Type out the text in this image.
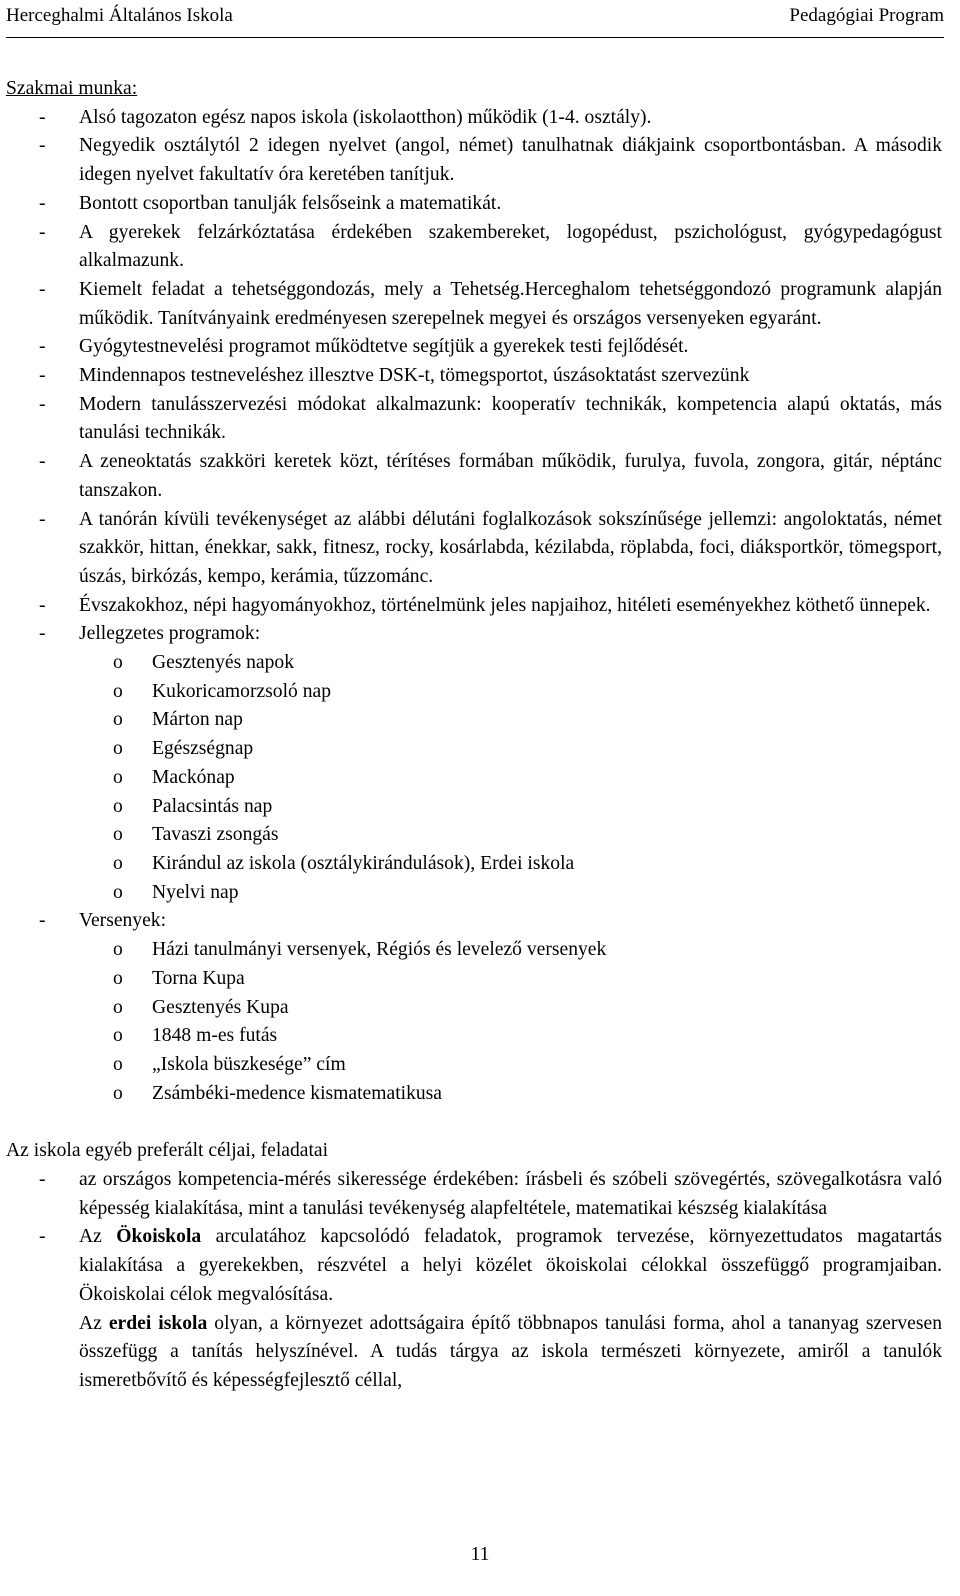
Herceghalmi Általános Iskola	Pedagógiai Program
Szakmai munka:
- Alsó tagozaton egész napos iskola (iskolaotthon) működik (1-4. osztály).
- Negyedik osztálytól 2 idegen nyelvet (angol, német) tanulhatnak diákjaink csoportbontásban. A második idegen nyelvet fakultatív óra keretében tanítjuk.
- Bontott csoportban tanulják felsőseink a matematikát.
- A gyerekek felzárkóztatása érdekében szakembereket, logopédust, pszichológust, gyógypedagógust alkalmazunk.
- Kiemelt feladat a tehetséggondozás, mely a Tehetség.Herceghalom tehetséggondozó programunk alapján működik. Tanítványaink eredményesen szerepelnek megyei és országos versenyeken egyaránt.
- Gyógytestnevelési programot működtetve segítjük a gyerekek testi fejlődését.
- Mindennapos testneveléshez illesztve DSK-t, tömegsportot, úszásoktatást szervezünk
- Modern tanulásszervezési módokat alkalmazunk: kooperatív technikák, kompetencia alapú oktatás, más tanulási technikák.
- A zeneoktatás szakköri keretek közt, térítéses formában működik, furulya, fuvola, zongora, gitár, néptánc tanszakon.
- A tanórán kívüli tevékenységet az alábbi délutáni foglalkozások sokszínűsége jellemzi: angoloktatás, német szakkör, hittan, énekkar, sakk, fitnesz, rocky, kosárlabda, kézilabda, röplabda, foci, diáksportkör, tömegsport, úszás, birkózás, kempo, kerámia, tűzzománc.
- Évszakokhoz, népi hagyományokhoz, történelmünk jeles napjaihoz, hitéleti eseményekhez köthető ünnepek.
- Jellegzetes programok:
o Gesztenyés napok
o Kukoricamorzsoló nap
o Márton nap
o Egészségnap
o Mackónap
o Palacsintás nap
o Tavaszi zsongás
o Kirándul az iskola (osztálykirándulások), Erdei iskola
o Nyelvi nap
- Versenyek:
o Házi tanulmányi versenyek, Régiós és levelező versenyek
o Torna Kupa
o Gesztenyés Kupa
o 1848 m-es futás
o „Iskola büszkesége” cím
o Zsámbéki-medence kismatematikusa
Az iskola egyéb preferált céljai, feladatai
- az országos kompetencia-mérés sikeressége érdekében: írásbeli és szóbeli szövegértés, szövegalkotásra való képesség kialakítása, mint a tanulási tevékenység alapfeltétele, matematikai készség kialakítása
- Az Ökoiskola arculatához kapcsolódó feladatok, programok tervezése, környezettudatos magatartás kialakítása a gyerekekben, részvétel a helyi közélet ökoiskolai célokkal összefüggő programjaiban. Ökoiskolai célok megvalósítása.
Az erdei iskola olyan, a környezet adottságaira építő többnapos tanulási forma, ahol a tananyag szervesen összefügg a tanítás helyszínével. A tudás tárgya az iskola természeti környezete, amiről a tanulók ismeretbővítő és képességfejlesztő céllal,
11
